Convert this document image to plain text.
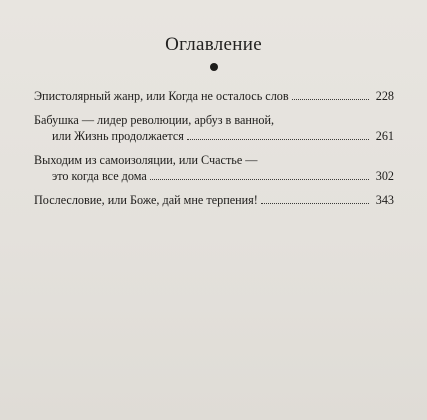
Оглавление
Эпистолярный жанр, или Когда не осталось слов	228
Бабушка — лидер революции, арбуз в ванной,
или Жизнь продолжается	261
Выходим из самоизоляции, или Счастье —
это когда все дома	302
Послесловие, или Боже, дай мне терпения!	343
